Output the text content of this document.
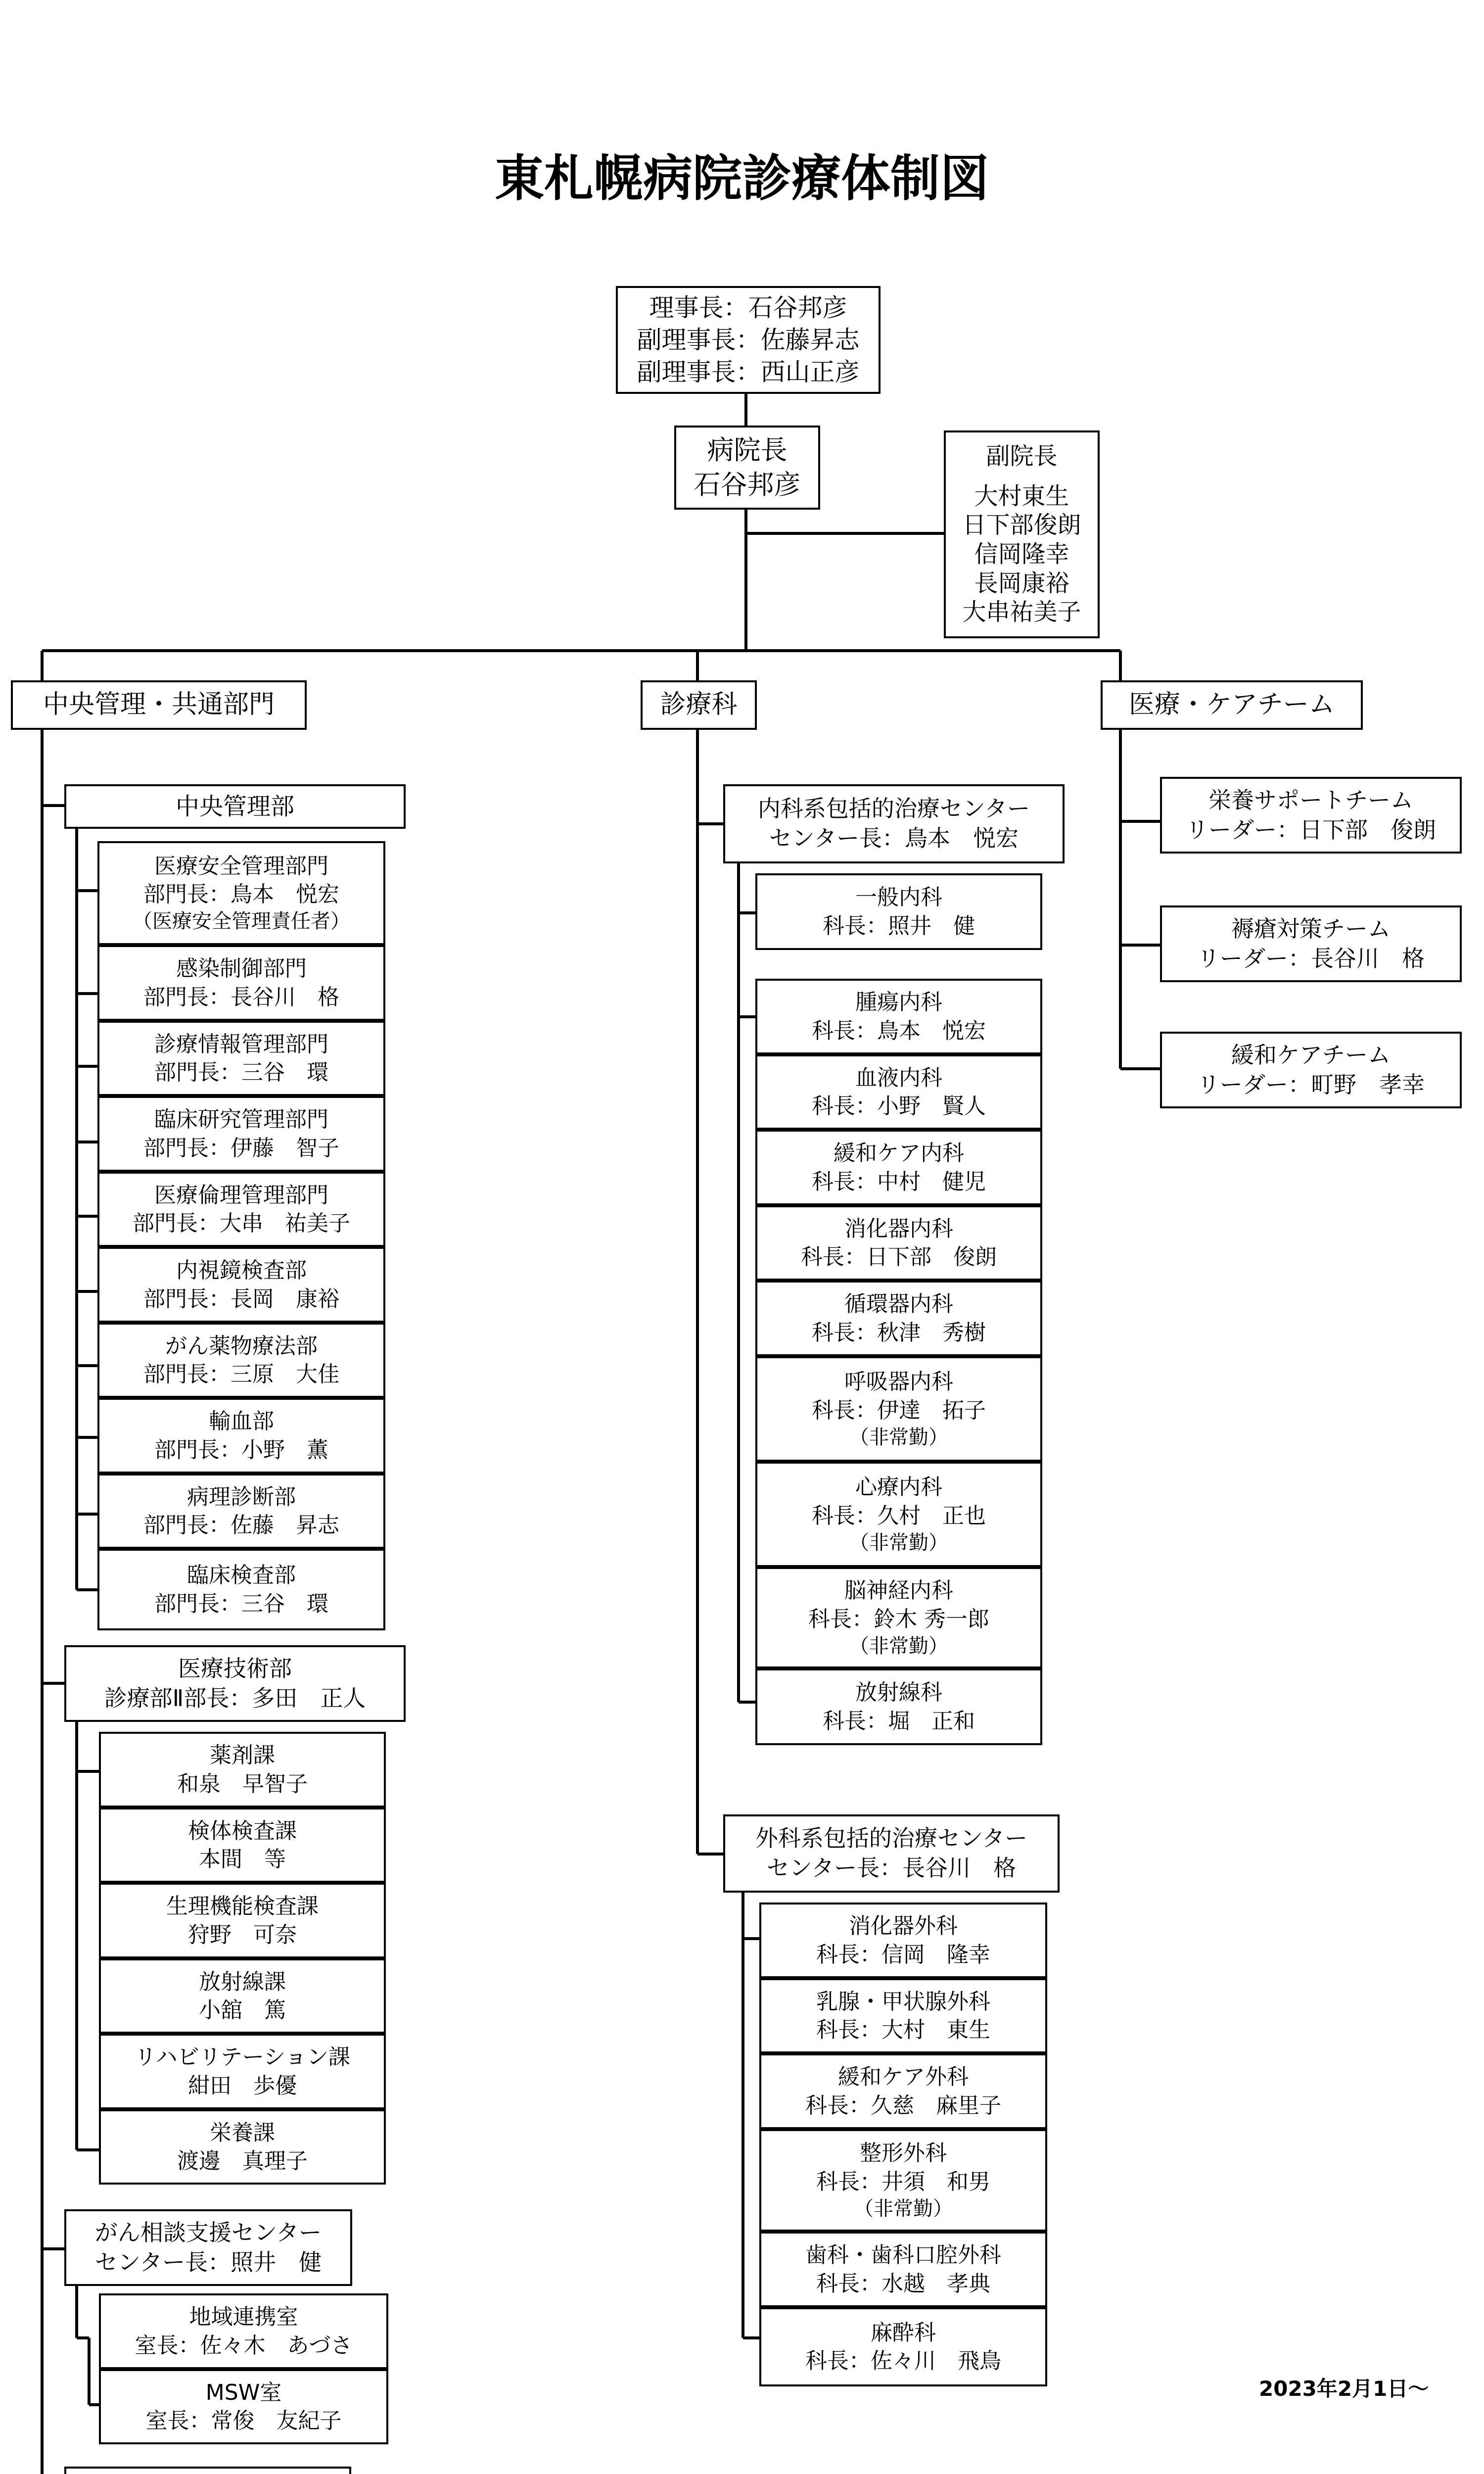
東札幌病院診療体制図
理事長：石谷邦彦
副理事長：佐藤昇志
副理事長：西山正彦
病院長
石谷邦彦
副院長
大村東生
日下部俊朗
信岡隆幸
長岡康裕
大串祐美子
中央管理・共通部門	診療科	医療・ケアチーム
中央管理部
医療安全管理部門
部門長：鳥本　悦宏
（医療安全管理責任者）
感染制御部門
部門長：長谷川　格
診療情報管理部門
部門長：三谷　環
臨床研究管理部門
部門長：伊藤　智子
医療倫理管理部門
部門長：大串　祐美子
内視鏡検査部
部門長：長岡　康裕
がん薬物療法部
部門長：三原　大佳
輸血部
部門長：小野　薫
病理診断部
部門長：佐藤　昇志
臨床検査部
部門長：三谷　環
医療技術部
診療部Ⅱ部長：多田　正人
薬剤課
和泉　早智子
検体検査課
本間　等
生理機能検査課
狩野　可奈
放射線課
小舘　篤
リハビリテーション課
紺田　歩優
栄養課
渡邊　真理子
がん相談支援センター
センター長：照井　健
地域連携室
室長：佐々木　あづさ
MSW室
室長：常俊　友紀子
内科系包括的治療センター
センター長：鳥本　悦宏
一般内科
科長：照井　健
腫瘍内科
科長：鳥本　悦宏
血液内科
科長：小野　賢人
緩和ケア内科
科長：中村　健児
消化器内科
科長：日下部　俊朗
循環器内科
科長：秋津　秀樹
呼吸器内科
科長：伊達　拓子
（非常勤）
心療内科
科長：久村　正也
（非常勤）
脳神経内科
科長：鈴木 秀一郎
（非常勤）
放射線科
科長：堀　正和
外科系包括的治療センター
センター長：長谷川　格
消化器外科
科長：信岡　隆幸
乳腺・甲状腺外科
科長：大村　東生
緩和ケア外科
科長：久慈　麻里子
整形外科
科長：井須　和男
（非常勤）
歯科・歯科口腔外科
科長：水越　孝典
麻酔科
科長：佐々川　飛鳥
栄養サポートチーム
リーダー：日下部　俊朗
褥瘡対策チーム
リーダー：長谷川　格
緩和ケアチーム
リーダー：町野　孝幸
2023年2月1日～
